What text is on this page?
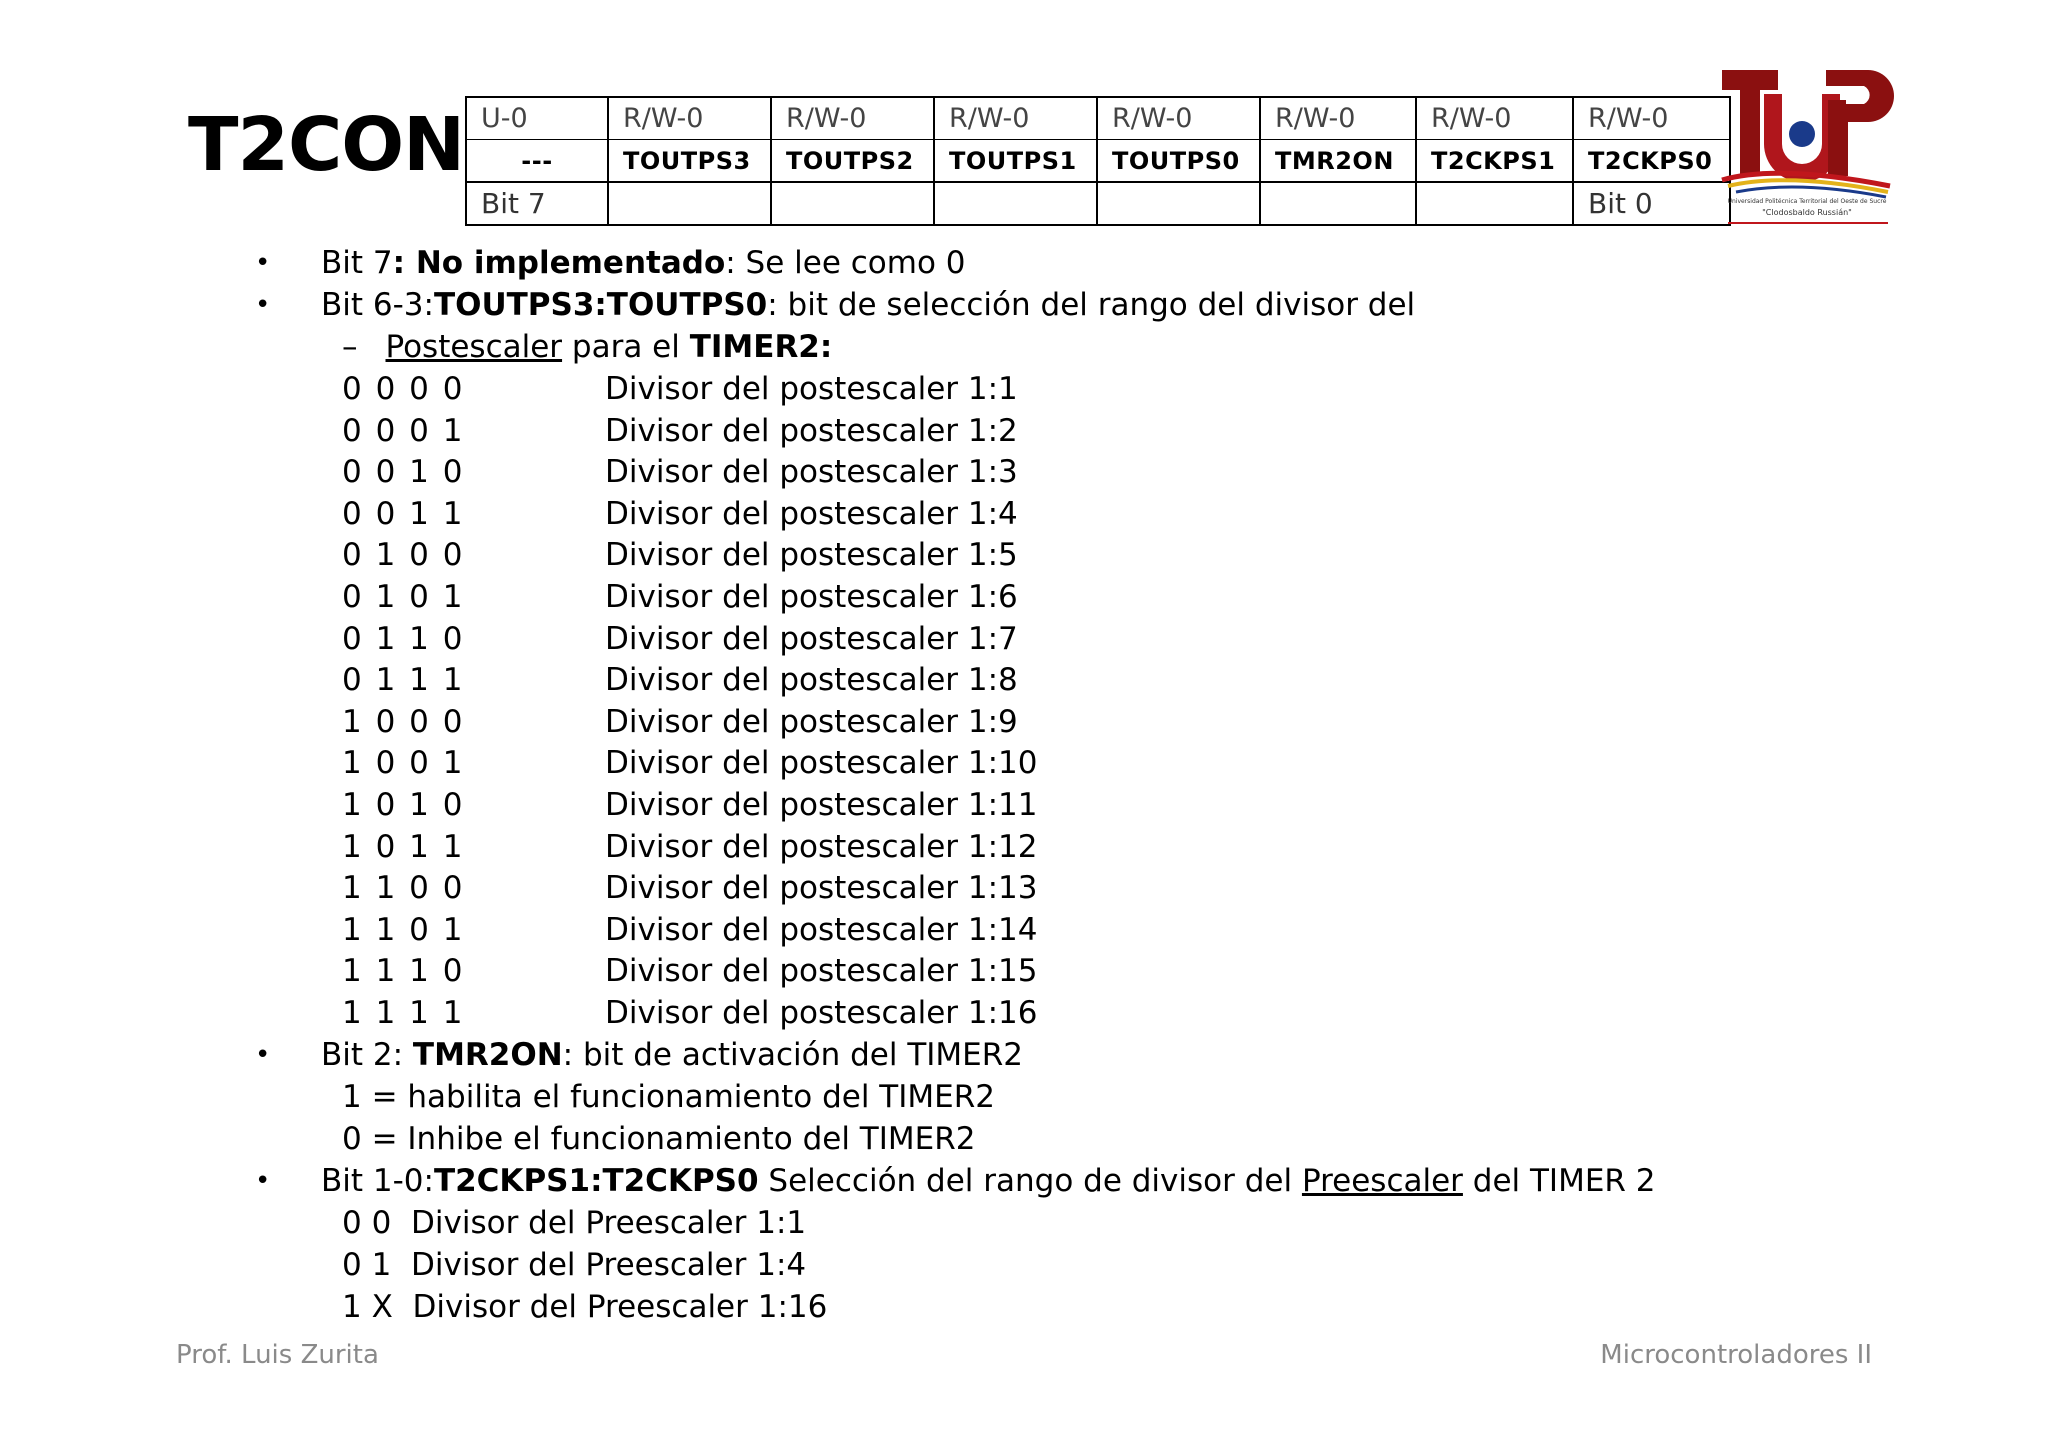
T2CON U-0	R/W-0	R/W-0	R/W-0	R/W-0	R/W-0	R/W-0	R/W-0
---	TOUTPS3	TOUTPS2	TOUTPS1	TOUTPS0	TMR2ON	T2CKPS1	T2CKPS0
Bit 7							Bit 0	Universidad Politécnica Territorial del Oeste de Sucre
"Clodosbaldo Russián"
• Bit 7: No implementado: Se lee como 0
• Bit 6-3:TOUTPS3:TOUTPS0: bit de selección del rango del divisor del
– Postescaler para el TIMER2:
0 0 0 0	Divisor del postescaler 1:1
0 0 0 1	Divisor del postescaler 1:2
0 0 1 0	Divisor del postescaler 1:3
0 0 1 1	Divisor del postescaler 1:4
0 1 0 0	Divisor del postescaler 1:5
0 1 0 1	Divisor del postescaler 1:6
0 1 1 0	Divisor del postescaler 1:7
0 1 1 1	Divisor del postescaler 1:8
1 0 0 0	Divisor del postescaler 1:9
1 0 0 1	Divisor del postescaler 1:10
1 0 1 0	Divisor del postescaler 1:11
1 0 1 1	Divisor del postescaler 1:12
1 1 0 0	Divisor del postescaler 1:13
1 1 0 1	Divisor del postescaler 1:14
1 1 1 0	Divisor del postescaler 1:15
1 1 1 1	Divisor del postescaler 1:16
• Bit 2: TMR2ON: bit de activación del TIMER2
1 = habilita el funcionamiento del TIMER2
0 = Inhibe el funcionamiento del TIMER2
• Bit 1-0:T2CKPS1:T2CKPS0 Selección del rango de divisor del Preescaler del TIMER 2
0 0  Divisor del Preescaler 1:1
0 1  Divisor del Preescaler 1:4
1 X  Divisor del Preescaler 1:16
Prof. Luis Zurita	Microcontroladores II
